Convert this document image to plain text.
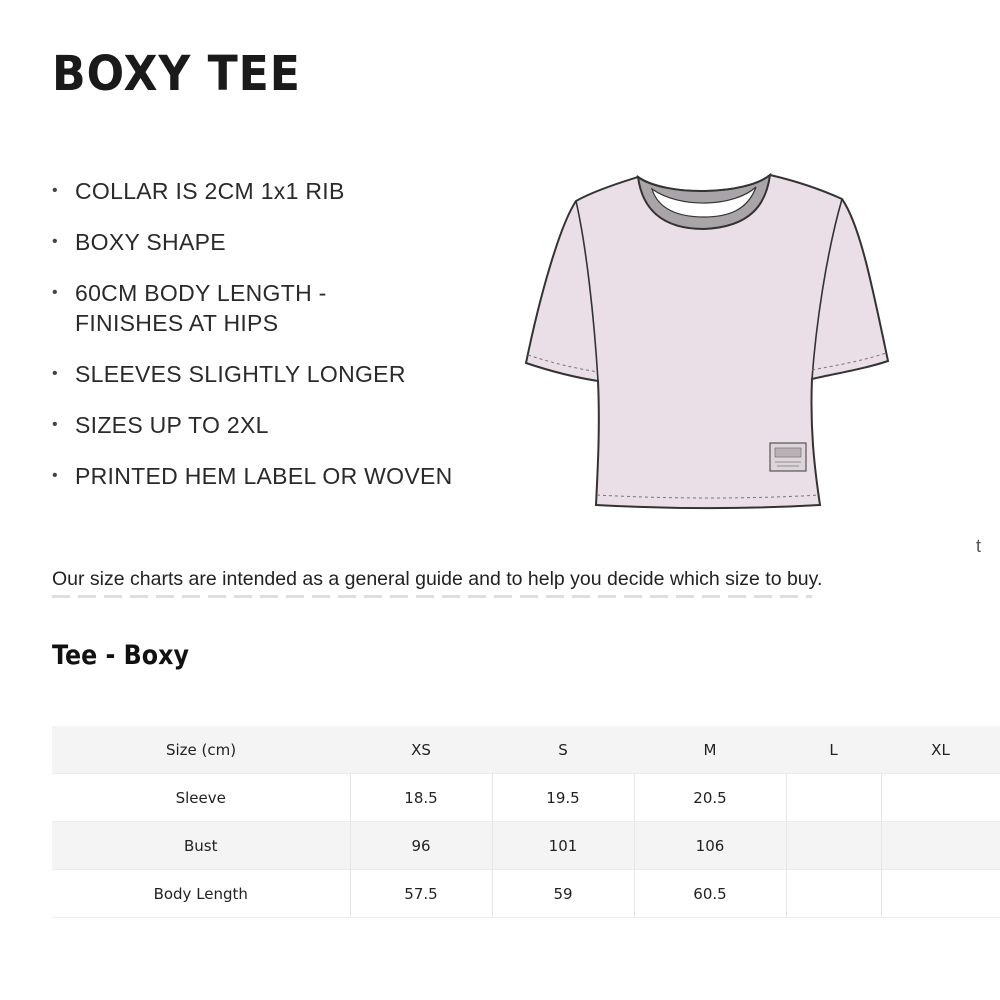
BOXY TEE
• COLLAR IS 2CM 1x1 RIB
• BOXY SHAPE
• 60CM BODY LENGTH -
FINISHES AT HIPS
• SLEEVES SLIGHTLY LONGER
• SIZES UP TO 2XL
• PRINTED HEM LABEL OR WOVEN
t

Our size charts are intended as a general guide and to help you decide which size to buy.

Tee - Boxy
Size (cm)	XS	S	M	L	XL
Sleeve	18.5	19.5	20.5		
Bust	96	101	106		
Body Length	57.5	59	60.5		
